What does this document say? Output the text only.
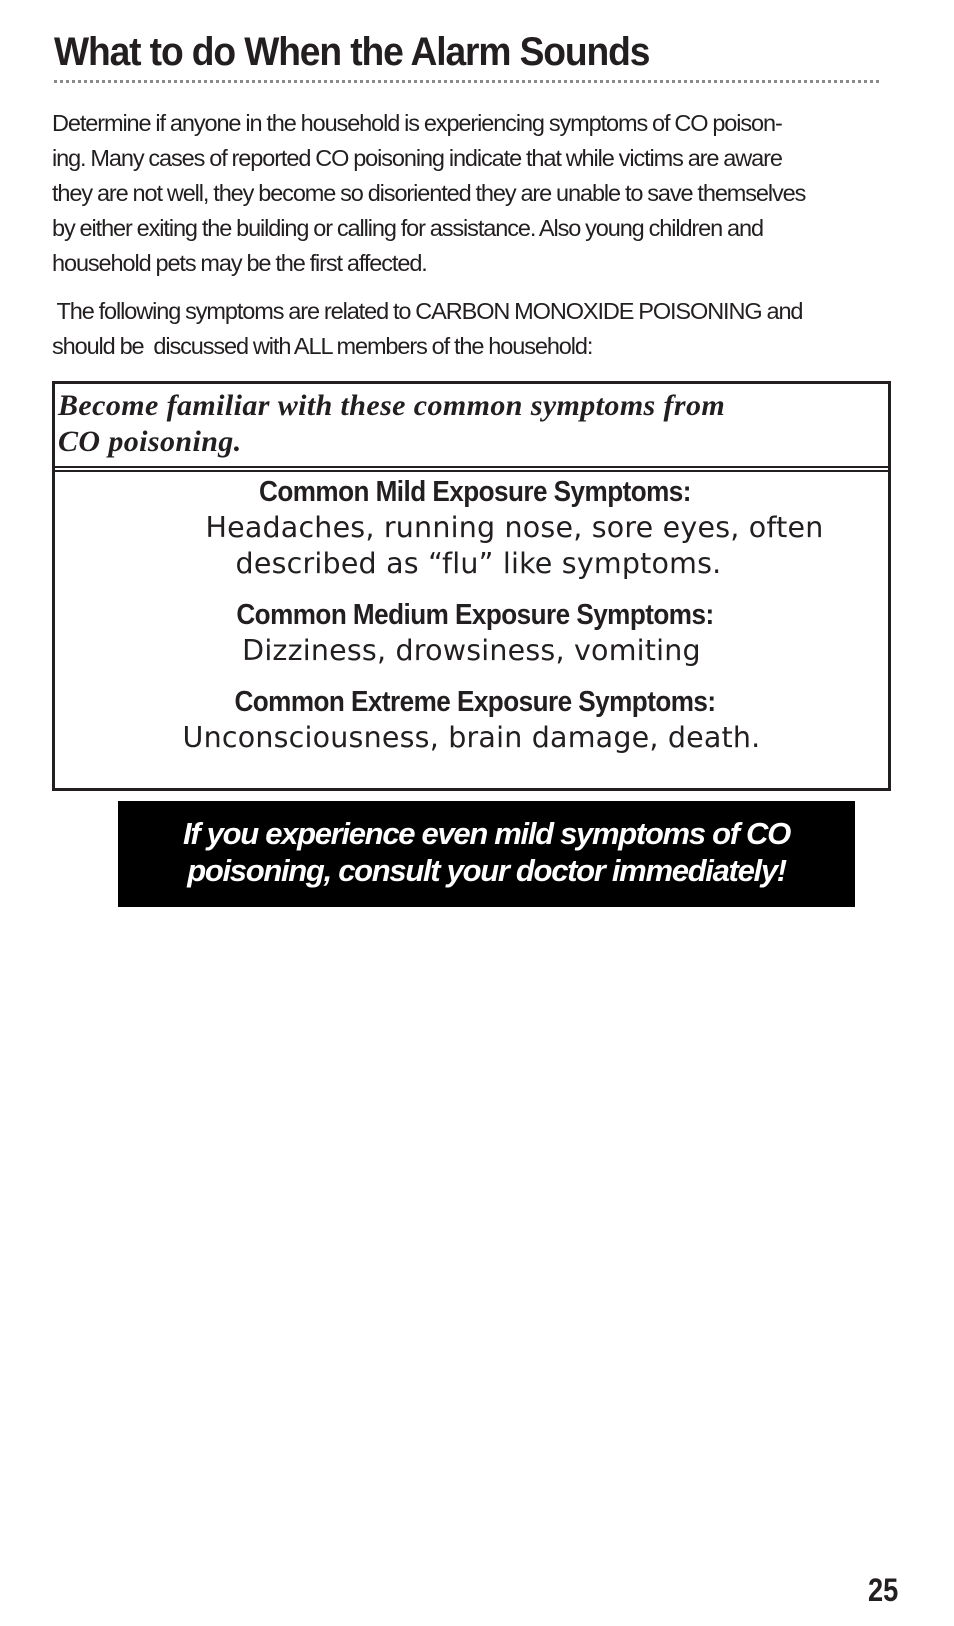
What to do When the Alarm Sounds

Determine if anyone in the household is experiencing symptoms of CO poison-
ing. Many cases of reported CO poisoning indicate that while victims are aware
they are not well, they become so disoriented they are unable to save themselves
by either exiting the building or calling for assistance. Also young children and
household pets may be the first affected.

The following symptoms are related to CARBON MONOXIDE POISONING and
should be  discussed with ALL members of the household:

Become familiar with these common symptoms from
CO poisoning.

Common Mild Exposure Symptoms:
Headaches, running nose, sore eyes, often
described as “flu” like symptoms.
Common Medium Exposure Symptoms:
Dizziness, drowsiness, vomiting
Common Extreme Exposure Symptoms:
Unconsciousness, brain damage, death.

If you experience even mild symptoms of CO
poisoning, consult your doctor immediately!

25
